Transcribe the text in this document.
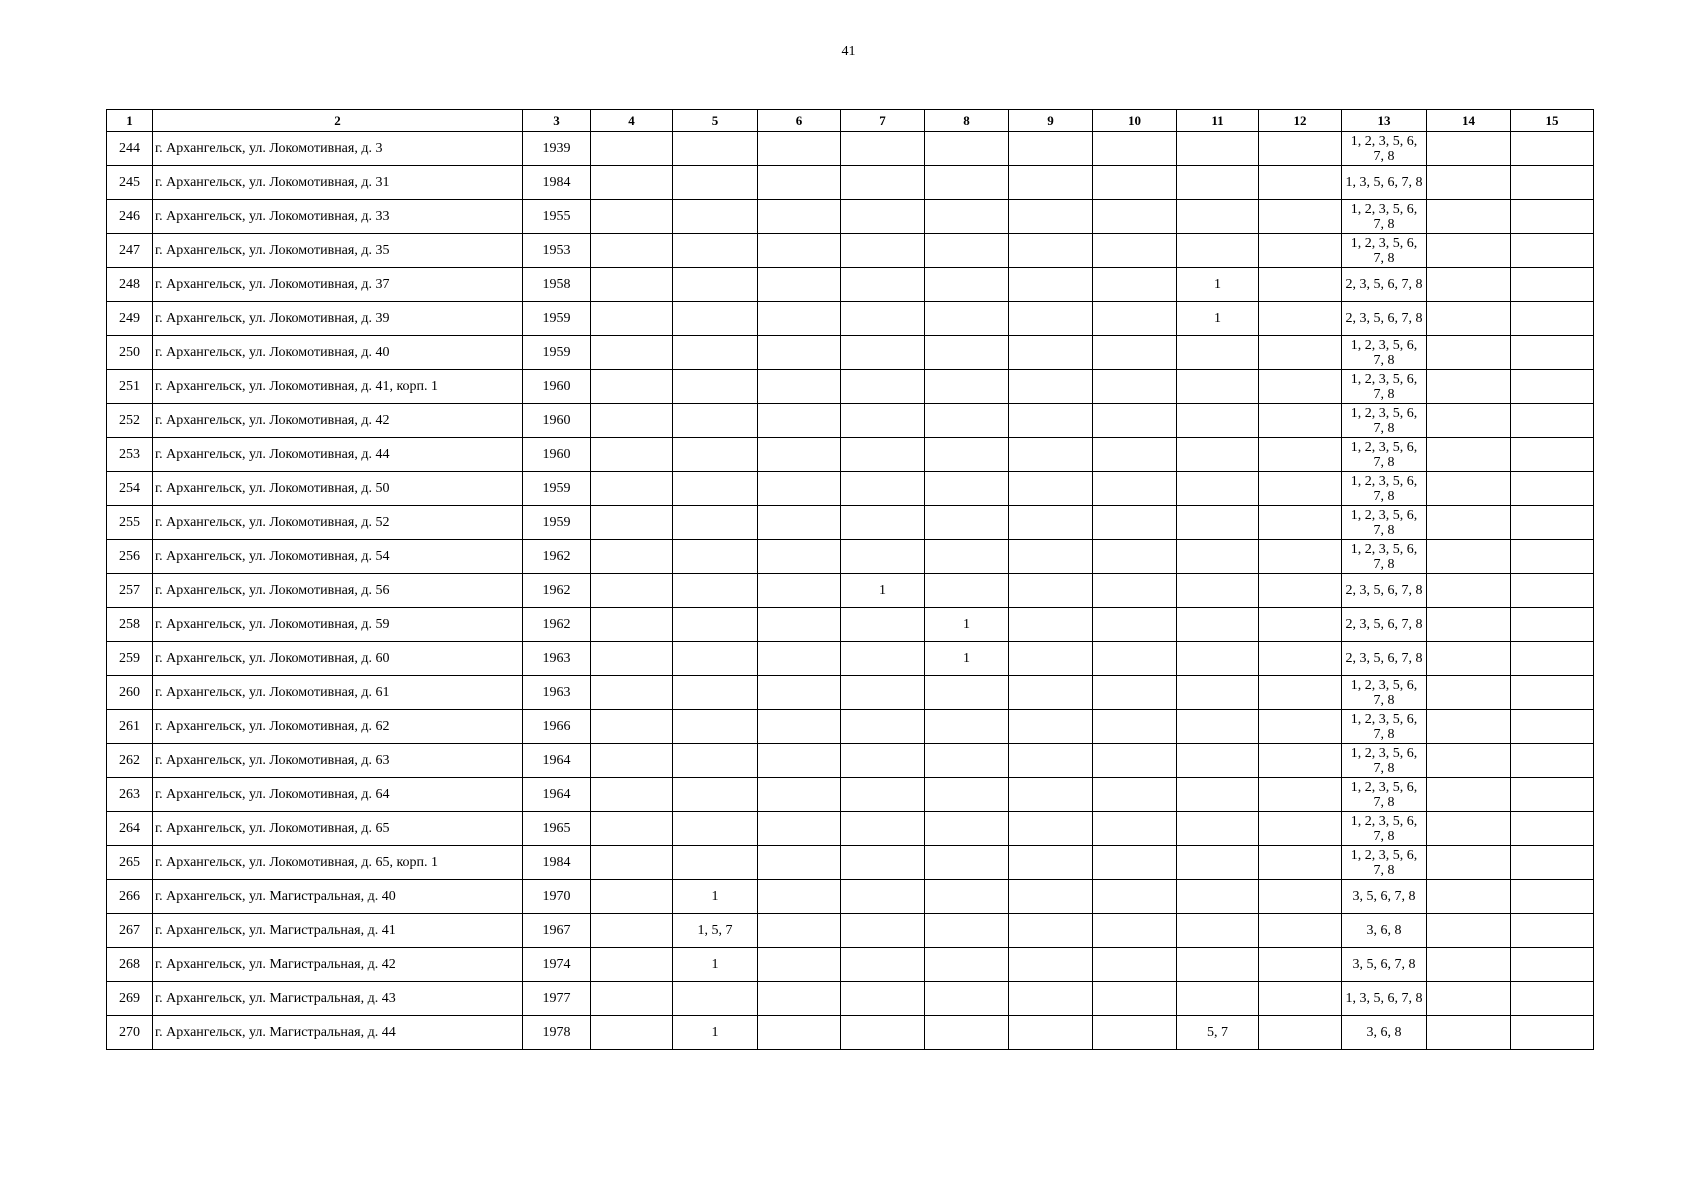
41
1	2	3	4	5	6	7	8	9	10	11	12	13	14	15
244	г. Архангельск, ул. Локомотивная, д. 3	1939										1, 2, 3, 5, 6, 7, 8		
245	г. Архангельск, ул. Локомотивная, д. 31	1984										1, 3, 5, 6, 7, 8		
246	г. Архангельск, ул. Локомотивная, д. 33	1955										1, 2, 3, 5, 6, 7, 8		
247	г. Архангельск, ул. Локомотивная, д. 35	1953										1, 2, 3, 5, 6, 7, 8		
248	г. Архангельск, ул. Локомотивная, д. 37	1958								1		2, 3, 5, 6, 7, 8		
249	г. Архангельск, ул. Локомотивная, д. 39	1959								1		2, 3, 5, 6, 7, 8		
250	г. Архангельск, ул. Локомотивная, д. 40	1959										1, 2, 3, 5, 6, 7, 8		
251	г. Архангельск, ул. Локомотивная, д. 41, корп. 1	1960										1, 2, 3, 5, 6, 7, 8		
252	г. Архангельск, ул. Локомотивная, д. 42	1960										1, 2, 3, 5, 6, 7, 8		
253	г. Архангельск, ул. Локомотивная, д. 44	1960										1, 2, 3, 5, 6, 7, 8		
254	г. Архангельск, ул. Локомотивная, д. 50	1959										1, 2, 3, 5, 6, 7, 8		
255	г. Архангельск, ул. Локомотивная, д. 52	1959										1, 2, 3, 5, 6, 7, 8		
256	г. Архангельск, ул. Локомотивная, д. 54	1962										1, 2, 3, 5, 6, 7, 8		
257	г. Архангельск, ул. Локомотивная, д. 56	1962				1						2, 3, 5, 6, 7, 8		
258	г. Архангельск, ул. Локомотивная, д. 59	1962					1					2, 3, 5, 6, 7, 8		
259	г. Архангельск, ул. Локомотивная, д. 60	1963					1					2, 3, 5, 6, 7, 8		
260	г. Архангельск, ул. Локомотивная, д. 61	1963										1, 2, 3, 5, 6, 7, 8		
261	г. Архангельск, ул. Локомотивная, д. 62	1966										1, 2, 3, 5, 6, 7, 8		
262	г. Архангельск, ул. Локомотивная, д. 63	1964										1, 2, 3, 5, 6, 7, 8		
263	г. Архангельск, ул. Локомотивная, д. 64	1964										1, 2, 3, 5, 6, 7, 8		
264	г. Архангельск, ул. Локомотивная, д. 65	1965										1, 2, 3, 5, 6, 7, 8		
265	г. Архангельск, ул. Локомотивная, д. 65, корп. 1	1984										1, 2, 3, 5, 6, 7, 8		
266	г. Архангельск, ул. Магистральная, д. 40	1970		1								3, 5, 6, 7, 8		
267	г. Архангельск, ул. Магистральная, д. 41	1967		1, 5, 7								3, 6, 8		
268	г. Архангельск, ул. Магистральная, д. 42	1974		1								3, 5, 6, 7, 8		
269	г. Архангельск, ул. Магистральная, д. 43	1977										1, 3, 5, 6, 7, 8		
270	г. Архангельск, ул. Магистральная, д. 44	1978		1						5, 7		3, 6, 8		
